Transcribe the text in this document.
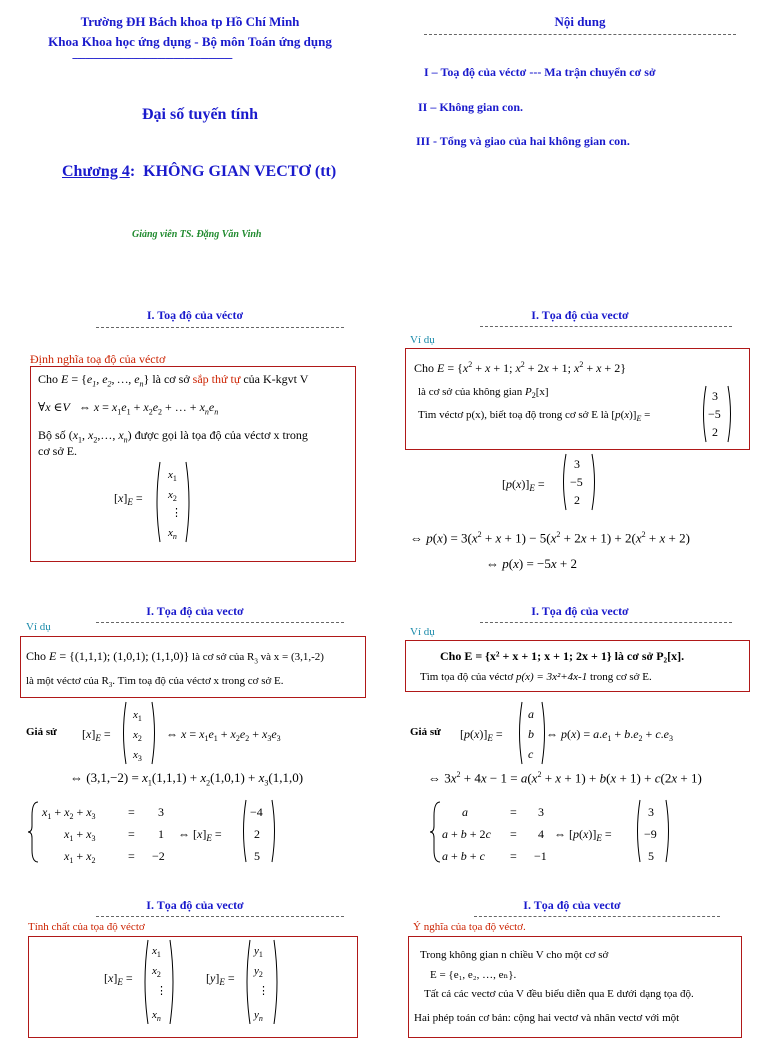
Trường ĐH Bách khoa tp Hồ Chí Minh
Khoa Khoa học ứng dụng - Bộ môn Toán ứng dụng
------------------------------------------------------------
Đại số tuyến tính
Chương 4:  KHÔNG GIAN VECTƠ (tt)
Giảng viên TS. Đặng Văn Vinh
Nội dung
I – Toạ độ của véctơ --- Ma trận chuyển cơ sở
II – Không gian con.
III - Tổng và giao của hai không gian con.
I. Toạ độ của véctơ
Định nghĩa toạ độ của véctơ
Cho $E = \{e_1$, $e_2$, …, $e_n$} là cơ sở sắp thứ tự của K-kgvt V
∀x ∈V   ⇔ $x = x_1e_1 + x_2e_2$ + … + $x_ne_n$
Bộ số ($x_1$, $x_2,\dots$, $x_n$) được gọi là tọa độ của véctơ x trong
cơ sở E.
$[x]_E$ =
$x_1$
$x_2$
⋮
$x_n$
I. Tọa độ của vectơ
Ví dụ
Cho $E = \{x^2 + x + 1$; $x^2 + 2x + 1$; $x^2 + x + 2$}
là cơ sở của không gian $P_2[x]$
Tìm véctơ p(x), biết toạ độ trong cơ sở E là $[p(x)]_E$ =
3
−5
2
$[p(x)]_E$ =
3
−5
2
⇔ $p(x) = 3(x^2 + x + 1) - 5(x^2 + 2x + 1) + 2(x^2 + x + 2)$
⇔ p(x) = −5x + 2
I. Tọa độ của vectơ
Ví dụ
Cho E = {(1,1,1); (1,0,1); (1,1,0)} là cơ sở của $R_3$ và x = (3,1,-2)
là một véctơ của $R_3$. Tìm toạ độ của véctơ x trong cơ sở E.
Giả sử $[x]_E$ =
$x_1$
$x_2$
$x_3$
⇔ $x = x_1e_1 + x_2e_2 + x_3e_3$
⇔ $(3,1,-2) = x_1(1,1,1) + x_2(1,0,1) + x_3(1,1,0)$
$x_1 + x_2 + x_3$	= 3
$x_1 + x_3$	= 1
$x_1 + x_2$	= −2
⇔ $[x]_E$ =
−4
2
5
I. Tọa độ của vectơ
Ví dụ
Cho E = {x² + x + 1; x + 1; 2x + 1} là cơ sở P₂[x].
Tìm tọa độ của véctơ p(x) = 3x²+4x-1 trong cơ sở E.
Giả sử $[p(x)]_E$ =
a
b
c
⇔ $p(x) = a.e_1 + b.e_2 + c.e_3$
⇔ $3x^2 + 4x - 1 = a(x^2 + x + 1) + b(x + 1) + c(2x + 1)$
a	= 3
a + b + 2c = 4
a + b + c = −1
⇔ $[p(x)]_E$ =
3
−9
5
I. Tọa độ của vectơ
Tính chất của tọa độ véctơ
$[x]_E$ =
$x_1$
$x_2$
⋮
$x_n$
$[y]_E$ =
$y_1$
$y_2$
⋮
$y_n$
I. Tọa độ của vectơ
Ý nghĩa của tọa độ véctơ.
Trong không gian n chiều V cho một cơ sở
E = {e₁, e₂, …, eₙ}.
Tất cả các vectơ của V đều biểu diễn qua E dưới dạng tọa độ.
Hai phép toán cơ bản: cộng hai vectơ và nhân vectơ với một
